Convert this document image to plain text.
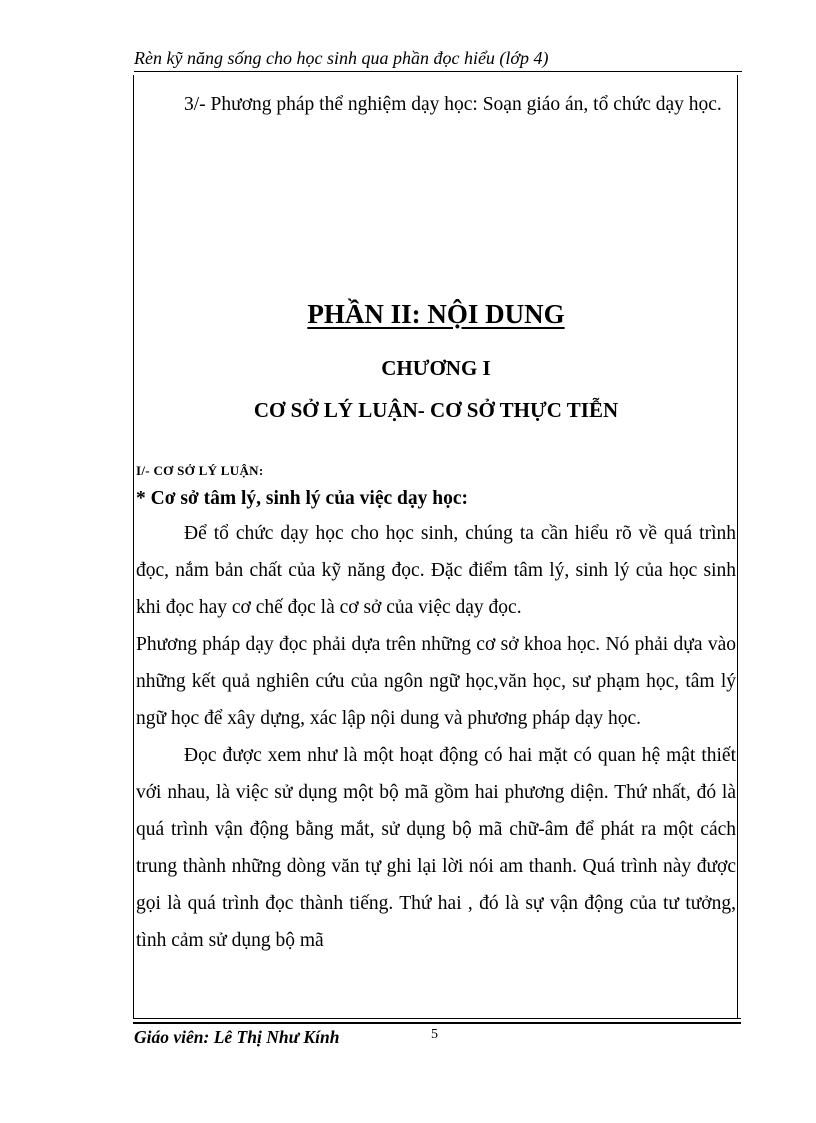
Rèn kỹ năng sống cho học sinh qua phần đọc hiểu (lớp 4)

3/- Phương pháp thể nghiệm dạy học: Soạn giáo án, tổ chức dạy học.

PHẦN II: NỘI DUNG
CHƯƠNG I
CƠ SỞ LÝ LUẬN- CƠ SỞ THỰC TIỄN
I/- CƠ SỞ LÝ LUẬN:
* Cơ sở tâm lý, sinh lý của việc dạy học:

Để tổ chức dạy học cho học sinh, chúng ta cần hiểu rõ về quá trình đọc, nắm bản chất của kỹ năng đọc. Đặc điểm tâm lý, sinh lý của học sinh khi đọc hay cơ chế đọc là cơ sở của việc dạy đọc.

Phương pháp dạy đọc phải dựa trên những cơ sở khoa học. Nó phải dựa vào những kết quả nghiên cứu của ngôn ngữ học,văn học, sư phạm học, tâm lý ngữ học để xây dựng, xác lập nội dung và phương pháp dạy học.

Đọc được xem như là một hoạt động có hai mặt có quan hệ mật thiết với nhau, là việc sử dụng một bộ mã gồm hai phương diện. Thứ nhất, đó là quá trình vận động bằng mắt, sử dụng bộ mã chữ-âm để phát ra một cách trung thành những dòng văn tự ghi lại lời nói am thanh. Quá trình này được gọi là quá trình đọc thành tiếng. Thứ hai , đó là sự vận động của tư tưởng, tình cảm sử dụng bộ mã

Giáo viên: Lê Thị Như Kính	5
